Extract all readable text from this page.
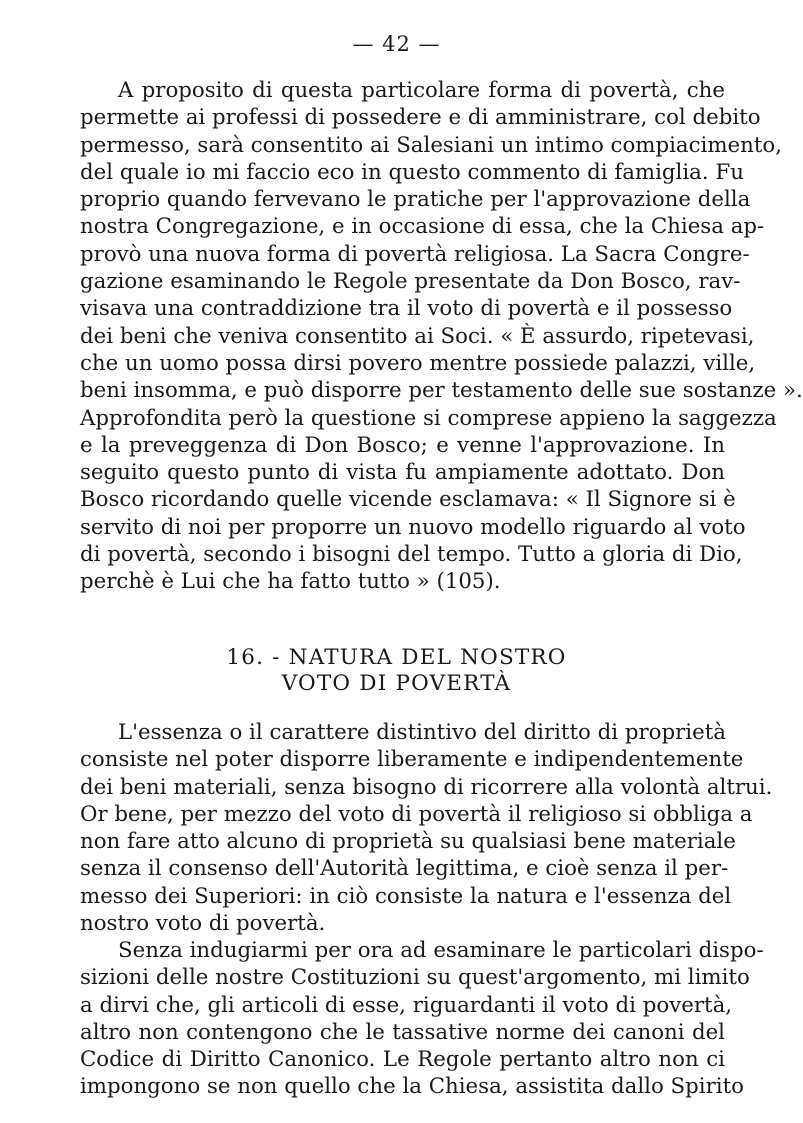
— 42 —
A proposito di questa particolare forma di povertà, che
permette ai professi di possedere e di amministrare, col debito
permesso, sarà consentito ai Salesiani un intimo compiacimento,
del quale io mi faccio eco in questo commento di famiglia. Fu
proprio quando fervevano le pratiche per l'approvazione della
nostra Congregazione, e in occasione di essa, che la Chiesa ap-
provò una nuova forma di povertà religiosa. La Sacra Congre-
gazione esaminando le Regole presentate da Don Bosco, rav-
visava una contraddizione tra il voto di povertà e il possesso
dei beni che veniva consentito ai Soci. « È assurdo, ripetevasi,
che un uomo possa dirsi povero mentre possiede palazzi, ville,
beni insomma, e può disporre per testamento delle sue sostanze ».
Approfondita però la questione si comprese appieno la saggezza
e la preveggenza di Don Bosco; e venne l'approvazione. In
seguito questo punto di vista fu ampiamente adottato. Don
Bosco ricordando quelle vicende esclamava: « Il Signore si è
servito di noi per proporre un nuovo modello riguardo al voto
di povertà, secondo i bisogni del tempo. Tutto a gloria di Dio,
perchè è Lui che ha fatto tutto » (105).
16. - NATURA DEL NOSTRO
VOTO DI POVERTÀ
L'essenza o il carattere distintivo del diritto di proprietà
consiste nel poter disporre liberamente e indipendentemente
dei beni materiali, senza bisogno di ricorrere alla volontà altrui.
Or bene, per mezzo del voto di povertà il religioso si obbliga a
non fare atto alcuno di proprietà su qualsiasi bene materiale
senza il consenso dell'Autorità legittima, e cioè senza il per-
messo dei Superiori: in ciò consiste la natura e l'essenza del
nostro voto di povertà.
Senza indugiarmi per ora ad esaminare le particolari dispo-
sizioni delle nostre Costituzioni su quest'argomento, mi limito
a dirvi che, gli articoli di esse, riguardanti il voto di povertà,
altro non contengono che le tassative norme dei canoni del
Codice di Diritto Canonico. Le Regole pertanto altro non ci
impongono se non quello che la Chiesa, assistita dallo Spirito
